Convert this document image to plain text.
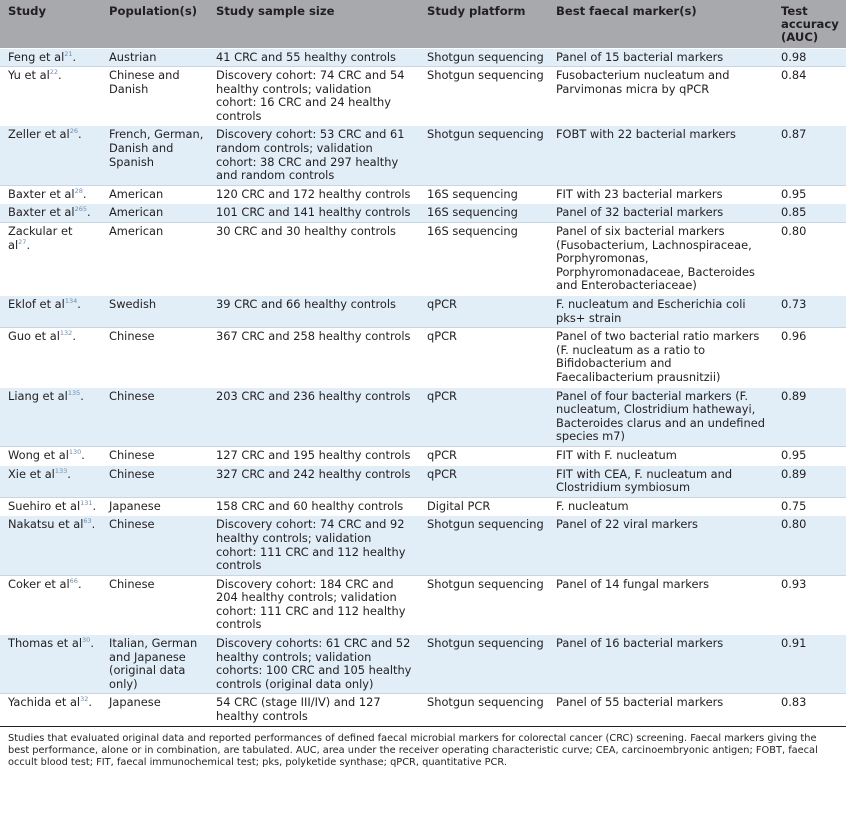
Study	Population(s)	Study sample size	Study platform	Best faecal marker(s)	Test accuracy (AUC)
Feng et al$^{21}$.	Austrian	41 CRC and 55 healthy controls	Shotgun sequencing	Panel of 15 bacterial markers	0.98
Yu et al$^{22}$.	Chinese and Danish	Discovery cohort: 74 CRC and 54 healthy controls; validation cohort: 16 CRC and 24 healthy controls	Shotgun sequencing	Fusobacterium nucleatum and Parvimonas micra by qPCR	0.84
Zeller et al$^{26}$.	French, German, Danish and Spanish	Discovery cohort: 53 CRC and 61 random controls; validation cohort: 38 CRC and 297 healthy and random controls	Shotgun sequencing	FOBT with 22 bacterial markers	0.87
Baxter et al$^{28}$.	American	120 CRC and 172 healthy controls	16S sequencing	FIT with 23 bacterial markers	0.95
Baxter et al$^{265}$.	American	101 CRC and 141 healthy controls	16S sequencing	Panel of 32 bacterial markers	0.85
Zackular et al$^{27}$.	American	30 CRC and 30 healthy controls	16S sequencing	Panel of six bacterial markers (Fusobacterium, Lachnospiraceae, Porphyromonas, Porphyromonadaceae, Bacteroides and Enterobacteriaceae)	0.80
Eklof et al$^{134}$.	Swedish	39 CRC and 66 healthy controls	qPCR	F. nucleatum and Escherichia coli pks+ strain	0.73
Guo et al$^{132}$.	Chinese	367 CRC and 258 healthy controls	qPCR	Panel of two bacterial ratio markers (F. nucleatum as a ratio to Bifidobacterium and Faecalibacterium prausnitzii)	0.96
Liang et al$^{135}$.	Chinese	203 CRC and 236 healthy controls	qPCR	Panel of four bacterial markers (F. nucleatum, Clostridium hathewayi, Bacteroides clarus and an undefined species m7)	0.89
Wong et al$^{130}$.	Chinese	127 CRC and 195 healthy controls	qPCR	FIT with F. nucleatum	0.95
Xie et al$^{133}$.	Chinese	327 CRC and 242 healthy controls	qPCR	FIT with CEA, F. nucleatum and Clostridium symbiosum	0.89
Suehiro et al$^{131}$.	Japanese	158 CRC and 60 healthy controls	Digital PCR	F. nucleatum	0.75
Nakatsu et al$^{63}$.	Chinese	Discovery cohort: 74 CRC and 92 healthy controls; validation cohort: 111 CRC and 112 healthy controls	Shotgun sequencing	Panel of 22 viral markers	0.80
Coker et al$^{66}$.	Chinese	Discovery cohort: 184 CRC and 204 healthy controls; validation cohort: 111 CRC and 112 healthy controls	Shotgun sequencing	Panel of 14 fungal markers	0.93
Thomas et al$^{30}$.	Italian, German and Japanese (original data only)	Discovery cohorts: 61 CRC and 52 healthy controls; validation cohorts: 100 CRC and 105 healthy controls (original data only)	Shotgun sequencing	Panel of 16 bacterial markers	0.91
Yachida et al$^{32}$.	Japanese	54 CRC (stage III/IV) and 127 healthy controls	Shotgun sequencing	Panel of 55 bacterial markers	0.83
Studies that evaluated original data and reported performances of defined faecal microbial markers for colorectal cancer (CRC) screening. Faecal markers giving the best performance, alone or in combination, are tabulated. AUC, area under the receiver operating characteristic curve; CEA, carcinoembryonic antigen; FOBT, faecal occult blood test; FIT, faecal immunochemical test; pks, polyketide synthase; qPCR, quantitative PCR.
